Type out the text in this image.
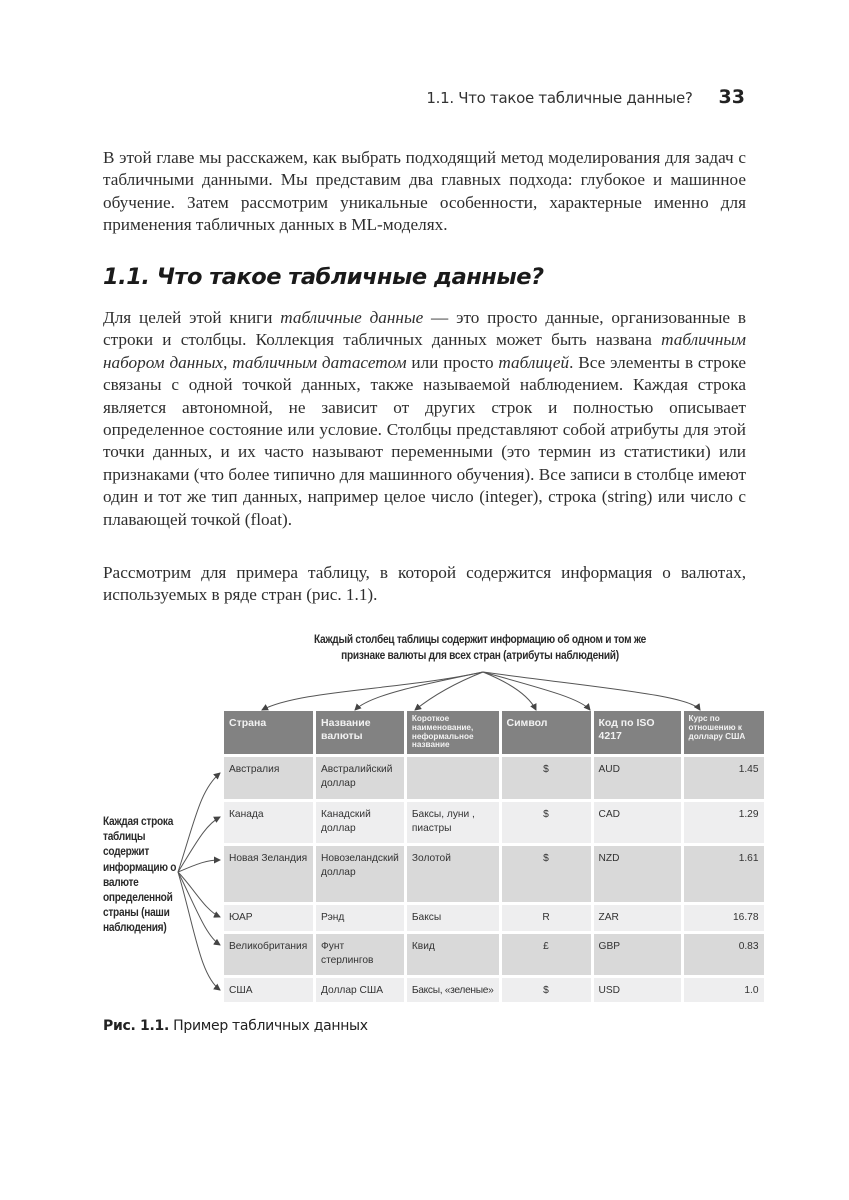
1.1. Что такое табличные данные? 33

В этой главе мы расскажем, как выбрать подходящий метод моделирования для задач с табличными данными. Мы представим два главных подхода: глубокое и машинное обучение. Затем рассмотрим уникальные особенности, характерные именно для применения табличных данных в ML-моделях.

1.1. Что такое табличные данные?

Для целей этой книги табличные данные — это просто данные, организованные в строки и столбцы. Коллекция табличных данных может быть названа табличным набором данных, табличным датасетом или просто таблицей. Все элементы в строке связаны с одной точкой данных, также называемой наблюдением. Каждая строка является автономной, не зависит от других строк и полностью описывает определенное состояние или условие. Столбцы представляют собой атрибуты для этой точки данных, и их часто называют переменными (это термин из статистики) или признаками (что более типично для машинного обучения). Все записи в столбце имеют один и тот же тип данных, например целое число (integer), строка (string) или число с плавающей точкой (float).

Рассмотрим для примера таблицу, в которой содержится информация о валютах, используемых в ряде стран (рис. 1.1).

Каждый столбец таблицы содержит информацию об одном и том же признаке валюты для всех стран (атрибуты наблюдений)
Каждая строка таблицы содержит информацию о валюте определенной страны (наши наблюдения)
Страна	Название валюты	Короткое наименование, неформальное название	Символ	Код по ISO 4217	Курс по отношению к доллару США
Австралия	Австралийский доллар		$	AUD	1.45
Канада	Канадский доллар	Баксы, луни , пиастры	$	CAD	1.29
Новая Зеландия	Новозеландский доллар	Золотой	$	NZD	1.61
ЮАР	Рэнд	Баксы	R	ZAR	16.78
Великобритания	Фунт стерлингов	Квид	£	GBP	0.83
США	Доллар США	Баксы, «зеленые»	$	USD	1.0
Рис. 1.1. Пример табличных данных
